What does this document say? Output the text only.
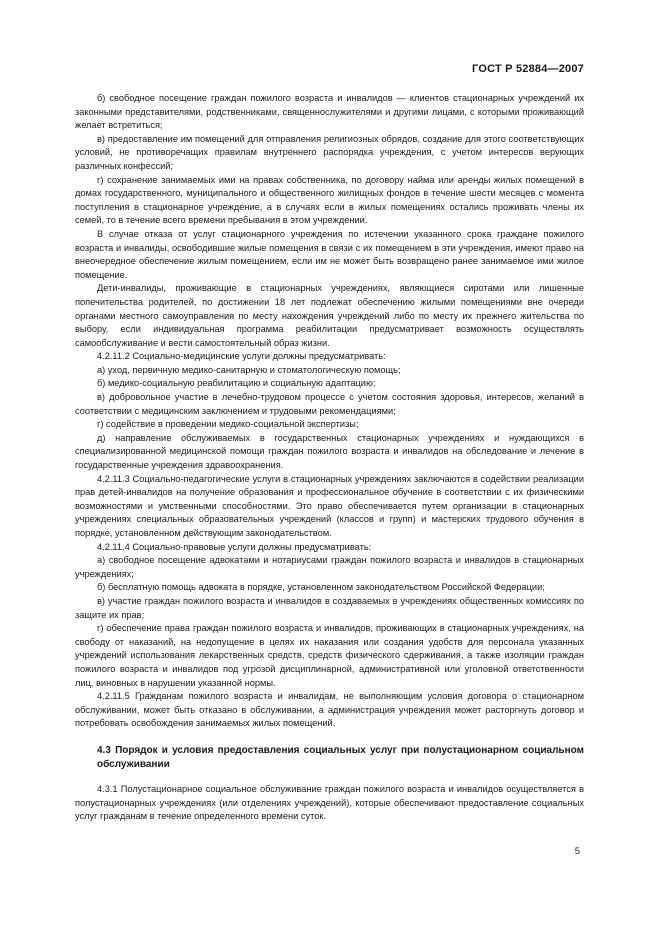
ГОСТ Р 52884—2007

б) свободное посещение граждан пожилого возраста и инвалидов — клиентов стационарных учреждений их законными представителями, родственниками, священнослужителями и другими лицами, с которыми проживающий желает встретиться;

в) предоставление им помещений для отправления религиозных обрядов, создание для этого соответствующих условий, не противоречащих правилам внутреннего распорядка учреждения, с учетом интересов верующих различных конфессий;

г) сохранение занимаемых ими на правах собственника, по договору найма или аренды жилых помещений в домах государственного, муниципального и общественного жилищных фондов в течение шести месяцев с момента поступления в стационарное учреждение, а в случаях если в жилых помещениях остались проживать члены их семей, то в течение всего времени пребывания в этом учреждении.

В случае отказа от услуг стационарного учреждения по истечении указанного срока граждане пожилого возраста и инвалиды, освободившие жилые помещения в связи с их помещением в эти учреждения, имеют право на внеочередное обеспечение жилым помещением, если им не может быть возвращено ранее занимаемое ими жилое помещение.

Дети-инвалиды, проживающие в стационарных учреждениях, являющиеся сиротами или лишенные попечительства родителей, по достижении 18 лет подлежат обеспечению жилыми помещениями вне очереди органами местного самоуправления по месту нахождения учреждений либо по месту их прежнего жительства по выбору, если индивидуальная программа реабилитации предусматривает возможность осуществлять самообслуживание и вести самостоятельный образ жизни.

4.2.11.2 Социально-медицинские услуги должны предусматривать:

а) уход, первичную медико-санитарную и стоматологическую помощь;

б) медико-социальную реабилитацию и социальную адаптацию;

в) добровольное участие в лечебно-трудовом процессе с учетом состояния здоровья, интересов, желаний в соответствии с медицинским заключением и трудовыми рекомендациями;

г) содействие в проведении медико-социальной экспертизы;

д) направление обслуживаемых в государственных стационарных учреждениях и нуждающихся в специализированной медицинской помощи граждан пожилого возраста и инвалидов на обследование и лечение в государственные учреждения здравоохранения.

4.2.11.3 Социально-педагогические услуги в стационарных учреждениях заключаются в содействии реализации прав детей-инвалидов на получение образования и профессиональное обучение в соответствии с их физическими возможностями и умственными способностями. Это право обеспечивается путем организации в стационарных учреждениях специальных образовательных учреждений (классов и групп) и мастерских трудового обучения в порядке, установленном действующим законодательством.

4.2.11.4 Социально-правовые услуги должны предусматривать:

а) свободное посещение адвокатами и нотариусами граждан пожилого возраста и инвалидов в стационарных учреждениях;

б) бесплатную помощь адвоката в порядке, установленном законодательством Российской Федерации;

в) участие граждан пожилого возраста и инвалидов в создаваемых в учреждениях общественных комиссиях по защите их прав;

г) обеспечение права граждан пожилого возраста и инвалидов, проживающих в стационарных учреждениях, на свободу от наказаний, на недопущение в целях их наказания или создания удобств для персонала указанных учреждений использования лекарственных средств, средств физического сдерживания, а также изоляции граждан пожилого возраста и инвалидов под угрозой дисциплинарной, административной или уголовной ответственности лиц, виновных в нарушении указанной нормы.

4.2.11.5 Гражданам пожилого возраста и инвалидам, не выполняющим условия договора о стационарном обслуживании, может быть отказано в обслуживании, а администрация учреждения может расторгнуть договор и потребовать освобождения занимаемых жилых помещений.

4.3 Порядок и условия предоставления социальных услуг при полустационарном социальном обслуживании

4.3.1 Полустационарное социальное обслуживание граждан пожилого возраста и инвалидов осуществляется в полустационарных учреждениях (или отделениях учреждений), которые обеспечивают предоставление социальных услуг гражданам в течение определенного времени суток.

5
